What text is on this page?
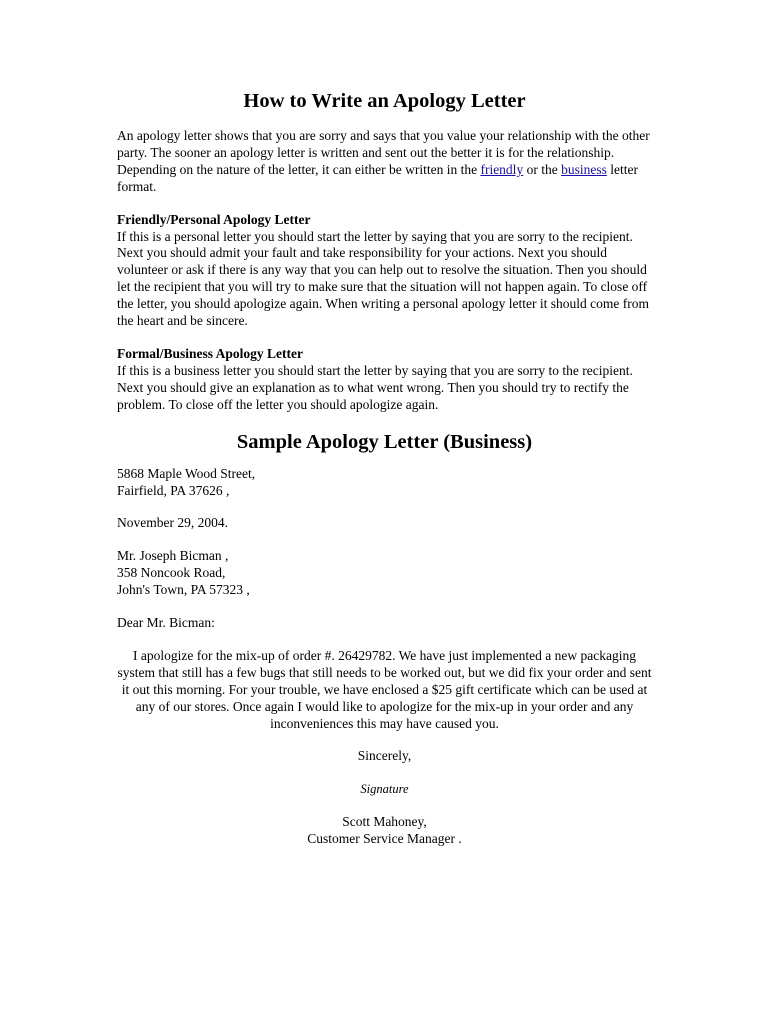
How to Write an Apology Letter

An apology letter shows that you are sorry and says that you value your relationship with the other party. The sooner an apology letter is written and sent out the better it is for the relationship. Depending on the nature of the letter, it can either be written in the friendly or the business letter format.

Friendly/Personal Apology Letter

If this is a personal letter you should start the letter by saying that you are sorry to the recipient. Next you should admit your fault and take responsibility for your actions. Next you should volunteer or ask if there is any way that you can help out to resolve the situation. Then you should let the recipient that you will try to make sure that the situation will not happen again. To close off the letter, you should apologize again. When writing a personal apology letter it should come from the heart and be sincere.

Formal/Business Apology Letter

If this is a business letter you should start the letter by saying that you are sorry to the recipient. Next you should give an explanation as to what went wrong. Then you should try to rectify the problem. To close off the letter you should apologize again.

Sample Apology Letter (Business)

5868 Maple Wood Street,

Fairfield, PA 37626 ,

November 29, 2004.

Mr. Joseph Bicman ,

358 Noncook Road,

John's Town, PA 57323 ,

Dear Mr. Bicman:

I apologize for the mix-up of order #. 26429782. We have just implemented a new packaging system that still has a few bugs that still needs to be worked out, but we did fix your order and sent it out this morning. For your trouble, we have enclosed a $25 gift certificate which can be used at any of our stores. Once again I would like to apologize for the mix-up in your order and any inconveniences this may have caused you.

Sincerely,

Signature

Scott Mahoney,

Customer Service Manager .
